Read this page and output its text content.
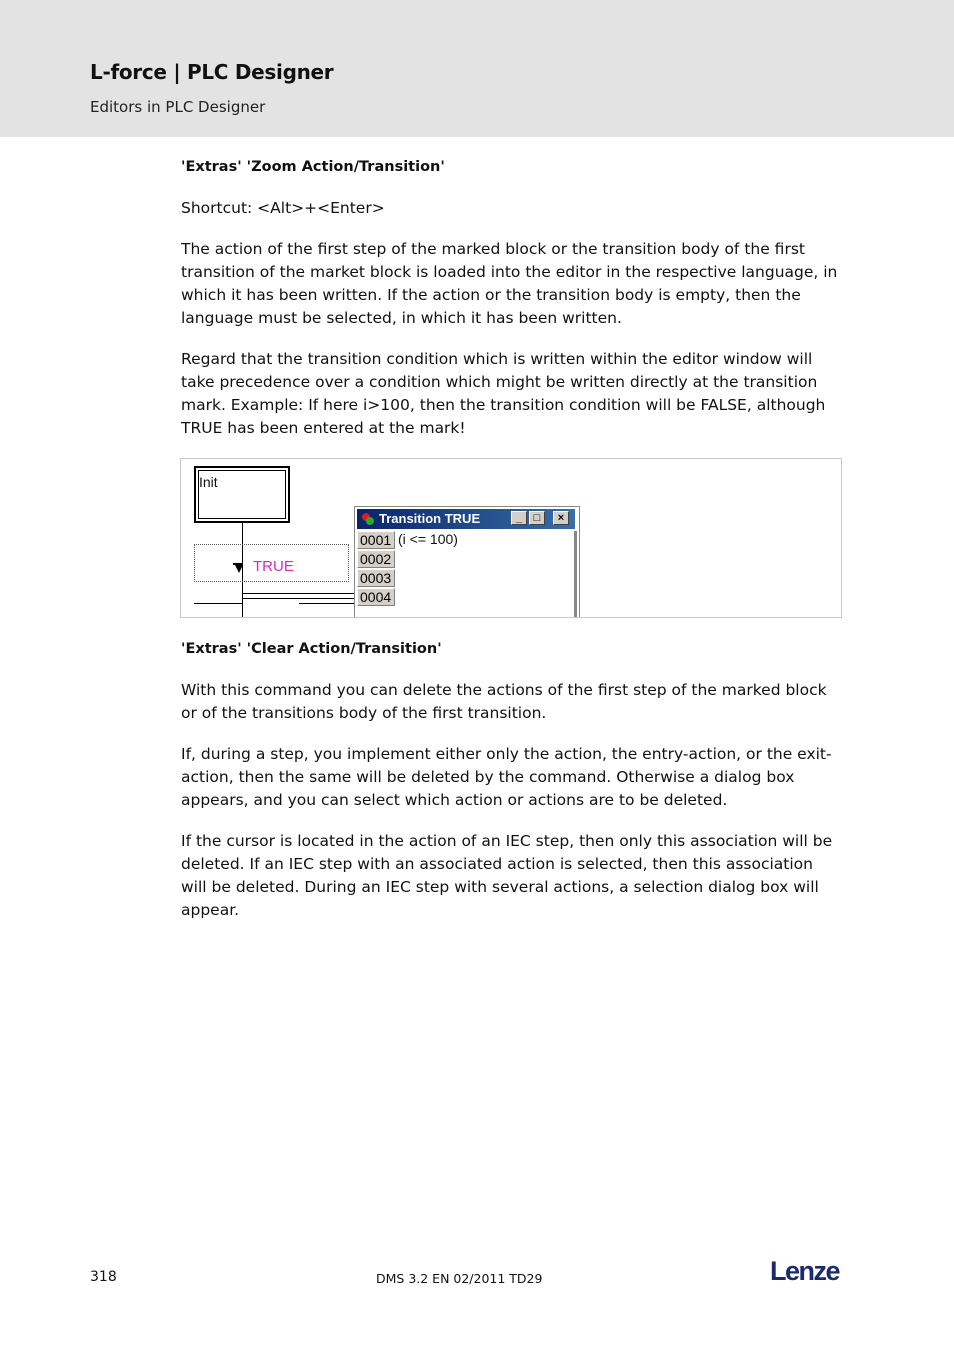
L-force | PLC Designer
Editors in PLC Designer
'Extras' 'Zoom Action/Transition'

Shortcut: <Alt>+<Enter>

The action of the first step of the marked block or the transition body of the first transition of the market block is loaded into the editor in the respective language, in which it has been written. If the action or the transition body is empty, then the language must be selected, in which it has been written.

Regard that the transition condition which is written within the editor window will take precedence over a condition which might be written directly at the transition mark. Example: If here i>100, then the transition condition will be FALSE, although TRUE has been entered at the mark!

Init
TRUE
Transition TRUE	_	□	×
0001 (i <= 100)
0002
0003
0004
'Extras' 'Clear Action/Transition'

With this command you can delete the actions of the first step of the marked block or of the transitions body of the first transition.

If, during a step, you implement either only the action, the entry-action, or the exit-action, then the same will be deleted by the command. Otherwise a dialog box appears, and you can select which action or actions are to be deleted.

If the cursor is located in the action of an IEC step, then only this association will be deleted. If an IEC step with an associated action is selected, then this association will be deleted. During an IEC step with several actions, a selection dialog box will appear.

318	DMS 3.2 EN 02/2011 TD29	Lenze
